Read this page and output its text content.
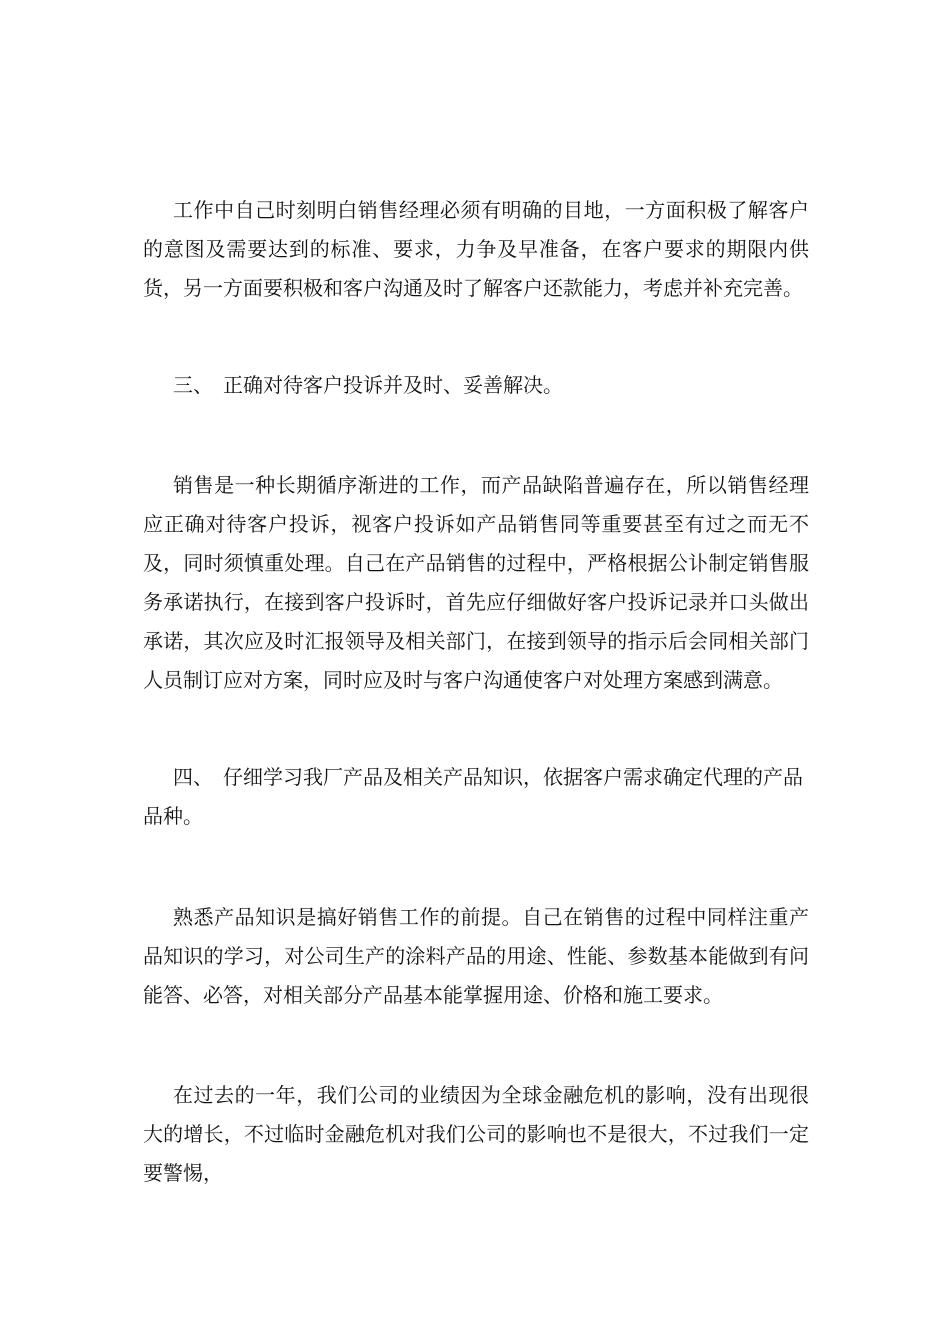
工作中自己时刻明白销售经理必须有明确的目地，一方面积极了解客户的意图及需要达到的标准、要求，力争及早准备，在客户要求的期限内供货，另一方面要积极和客户沟通及时了解客户还款能力，考虑并补充完善。

三、 正确对待客户投诉并及时、妥善解决。

销售是一种长期循序渐进的工作，而产品缺陷普遍存在，所以销售经理应正确对待客户投诉，视客户投诉如产品销售同等重要甚至有过之而无不及，同时须慎重处理。自己在产品销售的过程中，严格根据公讣制定销售服务承诺执行，在接到客户投诉时，首先应仔细做好客户投诉记录并口头做出承诺，其次应及时汇报领导及相关部门，在接到领导的指示后会同相关部门人员制订应对方案，同时应及时与客户沟通使客户对处理方案感到满意。

四、 仔细学习我厂产品及相关产品知识，依据客户需求确定代理的产品品种。

熟悉产品知识是搞好销售工作的前提。自己在销售的过程中同样注重产品知识的学习，对公司生产的涂料产品的用途、性能、参数基本能做到有问能答、必答，对相关部分产品基本能掌握用途、价格和施工要求。

在过去的一年，我们公司的业绩因为全球金融危机的影响，没有出现很大的增长，不过临时金融危机对我们公司的影响也不是很大，不过我们一定要警惕，
